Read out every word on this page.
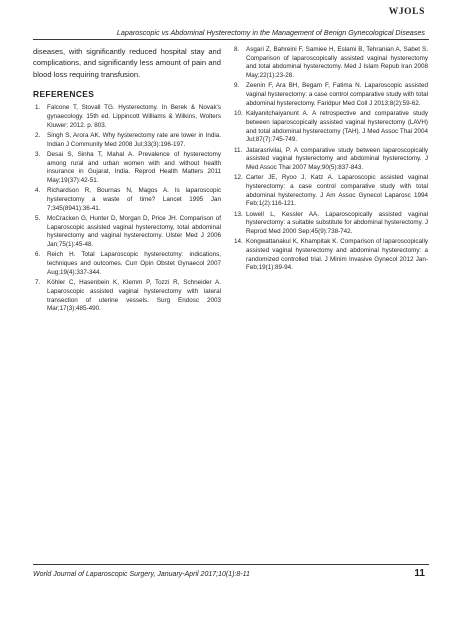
WJOLS
Laparoscopic vs Abdominal Hysterectomy in the Management of Benign Gynecological Diseases

diseases, with significantly reduced hospital stay and complications, and significantly less amount of pain and blood loss requiring transfusion.

REFERENCES
1.	Falcone T, Stovall TG. Hysterectomy. In Berek & Novak's gynaecology. 15th ed. Lippincott Williams & Wilkins, Wolters Kluwer; 2012. p. 803.
2.	Singh S, Arora AK. Why hysterectomy rate are lower in India. Indian J Community Med 2008 Jul;33(3):196-197.
3.	Desai S, Sinha T, Mahal A. Prevalence of hysterectomy among rural and urban women with and without health insurance in Gujarat, India. Reprod Health Matters 2011 May;19(37):42-51.
4.	Richardson R, Bournas N, Magos A. Is laparoscopic hysterectomy a waste of time? Lancet 1995 Jan 7;345(8941):36-41.
5.	McCracken G, Hunter D, Morgan D, Price JH. Comparison of Laparoscopic assisted vaginal hysterectomy, total abdominal hysterectomy and vaginal hysterectomy. Ulster Med J 2006 Jan;75(1):45-48.
6.	Reich H. Total Laparoscopic hysterectomy: indications, techniques and outcomes. Curr Opin Obstet Gynaecol 2007 Aug;19(4):337-344.
7.	Köhler C, Hasenbein K, Klemm P, Tozzi R, Schneider A. Laparoscopic assisted vaginal hysterectomy with lateral transection of uterine vessels. Surg Endosc 2003 Mar;17(3):485-490.
8.	Asgari Z, Bahreini F, Samiee H, Eslami B, Tehranian A, Sabet S. Comparison of laparoscopically assisted vaginal hysterectomy and total abdominal hysterectomy. Med J Islam Repub Iran 2008 May;22(1):23-28.
9.	Zeenin F, Ara BH, Begam F, Fatima N. Laparoscopic assisted vaginal hysterectomy: a case control comparative study with total abdominal hysterectomy. Faridpur Med Coll J 2013;8(2):59-62.
10. Kalyanitchaiyanunt A. A retrospective and comparative study between laparoscopically assisted vaginal hysterectomy (LAVH) and total abdominal hysterectomy (TAH). J Med Assoc Thai 2004 Jul;87(7):745-749.
11. Jatarasrivilai, P. A comparative study between laparoscopically assisted vaginal hysterectomy and abdominal hysterectomy. J Med Assoc Thai 2007 May;90(5):837-843.
12. Carter JE, Ryoo J, Katz A. Laparoscopic assisted vaginal hysterectomy: a case control comparative study with total abdominal hysterectomy. J Am Assoc Gynecol Laparosc 1994 Feb;1(2):116-121.
13. Lowell L, Kessler AA. Laparoscopically assisted vaginal hysterectomy: a suitable substitute for abdominal hysterectomy. J Reprod Med 2000 Sep;45(9):738-742.
14. Kongwattanakul K, Khampitak K. Comparison of laparoscopically assisted vaginal hysterectomy and abdominal hysterectomy: a randomized controlled trial. J Minim Invasive Gynecol 2012 Jan-Feb;19(1):89-94.
World Journal of Laparoscopic Surgery, January-April 2017;10(1):8-11	11
